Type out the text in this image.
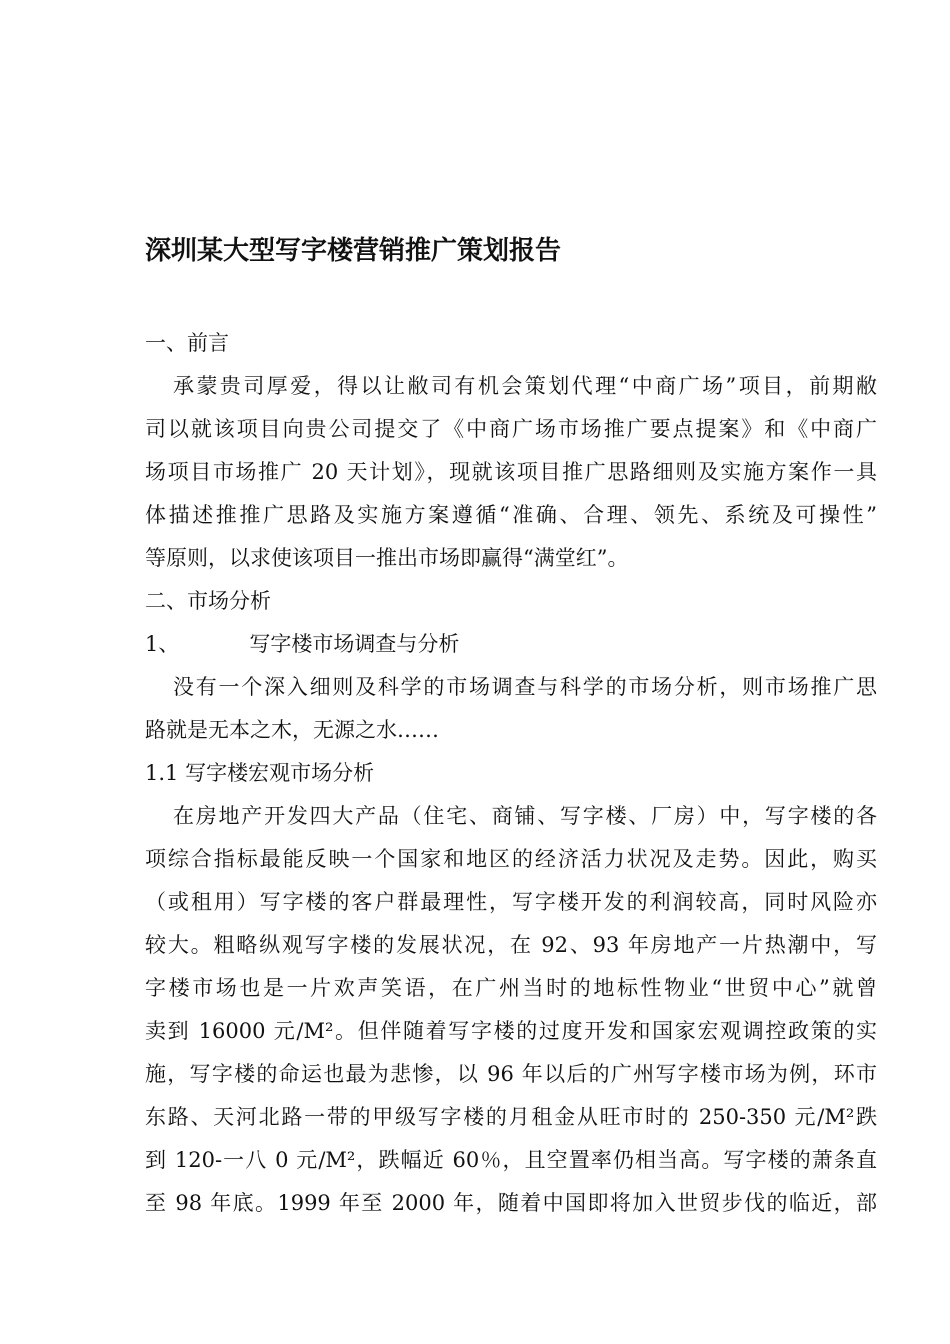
深圳某大型写字楼营销推广策划报告
一、前言
承蒙贵司厚爱，得以让敝司有机会策划代理“中商广场”项目，前期敝
司以就该项目向贵公司提交了《中商广场市场推广要点提案》和《中商广
场项目市场推广 20 天计划》，现就该项目推广思路细则及实施方案作一具
体描述推推广思路及实施方案遵循“准确、合理、领先、系统及可操性”
等原则，以求使该项目一推出市场即赢得“满堂红”。
二、市场分析
1、	写字楼市场调查与分析
没有一个深入细则及科学的市场调查与科学的市场分析，则市场推广思
路就是无本之木，无源之水……
1.1 写字楼宏观市场分析
在房地产开发四大产品（住宅、商铺、写字楼、厂房）中，写字楼的各
项综合指标最能反映一个国家和地区的经济活力状况及走势。因此，购买
（或租用）写字楼的客户群最理性，写字楼开发的利润较高，同时风险亦
较大。粗略纵观写字楼的发展状况，在 92、93 年房地产一片热潮中，写
字楼市场也是一片欢声笑语，在广州当时的地标性物业“世贸中心”就曾
卖到 16000 元/M²。但伴随着写字楼的过度开发和国家宏观调控政策的实
施，写字楼的命运也最为悲惨，以 96 年以后的广州写字楼市场为例，环市
东路、天河北路一带的甲级写字楼的月租金从旺市时的 250-350 元/M²跌
到 120-一八 0 元/M²，跌幅近 60％，且空置率仍相当高。写字楼的萧条直
至 98 年底。1999 年至 2000 年，随着中国即将加入世贸步伐的临近，部
